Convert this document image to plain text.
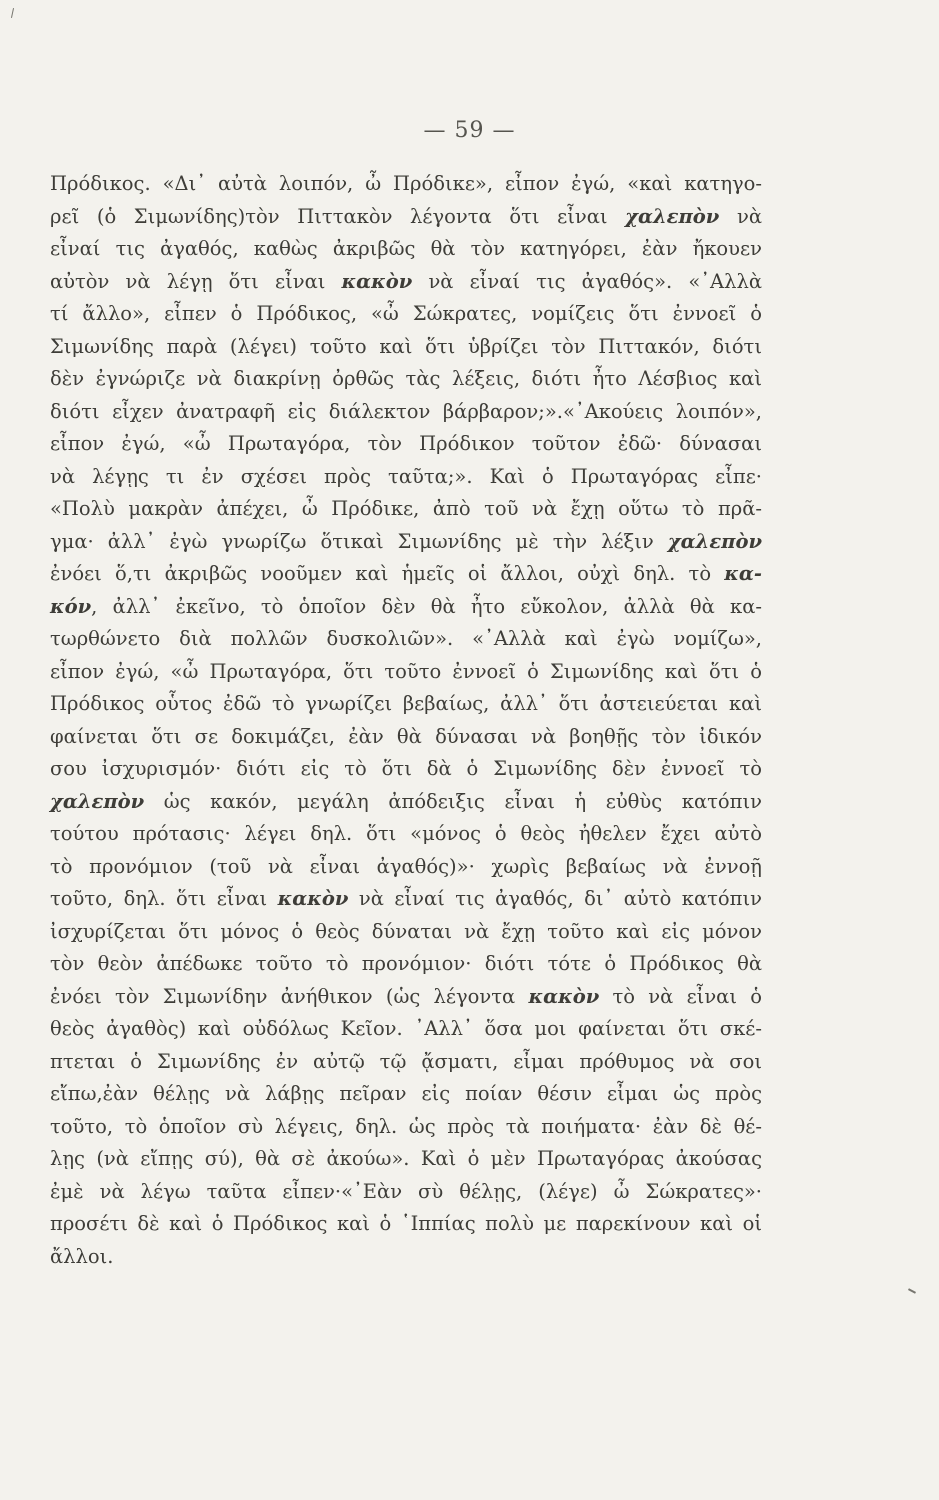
— 59 —
Πρόδικος. «Δι᾽ αὐτὰ λοιπόν, ὦ Πρόδικε», εἶπον ἐγώ, «καὶ κατηγο-
ρεῖ (ὁ Σιμωνίδης)τὸν Πιττακὸν λέγοντα ὅτι εἶναι χαλεπὸν νὰ
εἶναί τις ἀγαθός, καθὼς ἀκριβῶς θὰ τὸν κατηγόρει, ἐὰν ἤκουεν
αὐτὸν νὰ λέγῃ ὅτι εἶναι κακὸν νὰ εἶναί τις ἀγαθός». «᾽Αλλὰ
τί ἄλλο», εἶπεν ὁ Πρόδικος, «ὦ Σώκρατες, νομίζεις ὅτι ἐννοεῖ ὁ
Σιμωνίδης παρὰ (λέγει) τοῦτο καὶ ὅτι ὑβρίζει τὸν Πιττακόν, διότι
δὲν ἐγνώριζε νὰ διακρίνῃ ὀρθῶς τὰς λέξεις, διότι ἦτο Λέσβιος καὶ
διότι εἶχεν ἀνατραφῆ εἰς διάλεκτον βάρβαρον;».«᾽Ακούεις λοιπόν»,
εἶπον ἐγώ, «ὦ Πρωταγόρα, τὸν Πρόδικον τοῦτον ἐδῶ· δύνασαι
νὰ λέγῃς τι ἐν σχέσει πρὸς ταῦτα;». Καὶ ὁ Πρωταγόρας εἶπε·
«Πολὺ μακρὰν ἀπέχει, ὦ Πρόδικε, ἀπὸ τοῦ νὰ ἔχῃ οὕτω τὸ πρᾶ-
γμα· ἀλλ᾽ ἐγὼ γνωρίζω ὅτικαὶ Σιμωνίδης μὲ τὴν λέξιν χαλεπὸν
ἐνόει ὅ,τι ἀκριβῶς νοοῦμεν καὶ ἡμεῖς οἱ ἄλλοι, οὐχὶ δηλ. τὸ κα-
κόν, ἀλλ᾽ ἐκεῖνο, τὸ ὁποῖον δὲν θὰ ἦτο εὔκολον, ἀλλὰ θὰ κα-
τωρθώνετο διὰ πολλῶν δυσκολιῶν». «᾽Αλλὰ καὶ ἐγὼ νομίζω»,
εἶπον ἐγώ, «ὦ Πρωταγόρα, ὅτι τοῦτο ἐννοεῖ ὁ Σιμωνίδης καὶ ὅτι ὁ
Πρόδικος οὗτος ἐδῶ τὸ γνωρίζει βεβαίως, ἀλλ᾽ ὅτι ἀστειεύεται καὶ
φαίνεται ὅτι σε δοκιμάζει, ἐὰν θὰ δύνασαι νὰ βοηθῇς τὸν ἰδικόν
σου ἰσχυρισμόν· διότι εἰς τὸ ὅτι δὰ ὁ Σιμωνίδης δὲν ἐννοεῖ τὸ
χαλεπὸν ὡς κακόν, μεγάλη ἀπόδειξις εἶναι ἡ εὐθὺς κατόπιν
τούτου πρότασις· λέγει δηλ. ὅτι «μόνος ὁ θεὸς ἠθελεν ἔχει αὐτὸ
τὸ προνόμιον (τοῦ νὰ εἶναι ἀγαθός)»· χωρὶς βεβαίως νὰ ἐννοῇ
τοῦτο, δηλ. ὅτι εἶναι κακὸν νὰ εἶναί τις ἀγαθός, δι᾽ αὐτὸ κατόπιν
ἰσχυρίζεται ὅτι μόνος ὁ θεὸς δύναται νὰ ἔχῃ τοῦτο καὶ εἰς μόνον
τὸν θεὸν ἀπέδωκε τοῦτο τὸ προνόμιον· διότι τότε ὁ Πρόδικος θὰ
ἐνόει τὸν Σιμωνίδην ἀνήθικον (ὡς λέγοντα κακὸν τὸ νὰ εἶναι ὁ
θεὸς ἀγαθὸς) καὶ οὐδόλως Κεῖον. ᾽Αλλ᾽ ὅσα μοι φαίνεται ὅτι σκέ-
πτεται ὁ Σιμωνίδης ἐν αὐτῷ τῷ ᾄσματι, εἶμαι πρόθυμος νὰ σοι
εἴπω,ἐὰν θέλῃς νὰ λάβῃς πεῖραν εἰς ποίαν θέσιν εἶμαι ὡς πρὸς
τοῦτο, τὸ ὁποῖον σὺ λέγεις, δηλ. ὡς πρὸς τὰ ποιήματα· ἐὰν δὲ θέ-
λῃς (νὰ εἴπῃς σύ), θὰ σὲ ἀκούω». Καὶ ὁ μὲν Πρωταγόρας ἀκούσας
ἐμὲ νὰ λέγω ταῦτα εἶπεν·«᾽Εὰν σὺ θέλῃς, (λέγε) ὦ Σώκρατες»·
προσέτι δὲ καὶ ὁ Πρόδικος καὶ ὁ ῾Ιππίας πολὺ με παρεκίνουν καὶ οἱ
ἄλλοι.
